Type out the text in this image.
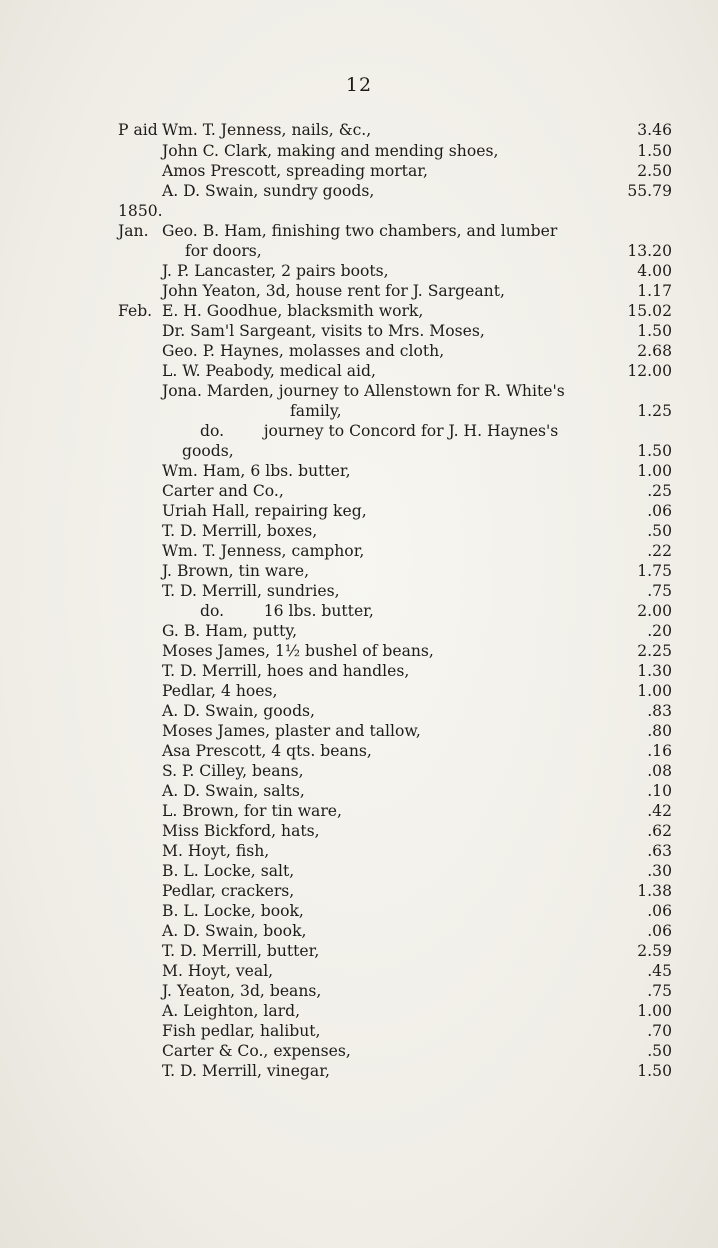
12
P aid Wm. T. Jenness, nails, &c.,	3.46
John C. Clark, making and mending shoes,	1.50
Amos Prescott, spreading mortar,	2.50
A. D. Swain, sundry goods,	55.79
1850.
Jan. Geo. B. Ham, finishing two chambers, and lumber
for doors,	13.20
J. P. Lancaster, 2 pairs boots,	4.00
John Yeaton, 3d, house rent for J. Sargeant,	1.17
Feb. E. H. Goodhue, blacksmith work,	15.02
Dr. Sam'l Sargeant, visits to Mrs. Moses,	1.50
Geo. P. Haynes, molasses and cloth,	2.68
L. W. Peabody, medical aid,	12.00
Jona. Marden, journey to Allenstown for R. White's
family,	1.25
do.        journey to Concord for J. H. Haynes's
goods,	1.50
Wm. Ham, 6 lbs. butter,	1.00
Carter and Co.,	.25
Uriah Hall, repairing keg,	.06
T. D. Merrill, boxes,	.50
Wm. T. Jenness, camphor,	.22
J. Brown, tin ware,	1.75
T. D. Merrill, sundries,	.75
do.        16 lbs. butter,	2.00
G. B. Ham, putty,	.20
Moses James, 1½ bushel of beans,	2.25
T. D. Merrill, hoes and handles,	1.30
Pedlar, 4 hoes,	1.00
A. D. Swain, goods,	.83
Moses James, plaster and tallow,	.80
Asa Prescott, 4 qts. beans,	.16
S. P. Cilley, beans,	.08
A. D. Swain, salts,	.10
L. Brown, for tin ware,	.42
Miss Bickford, hats,	.62
M. Hoyt, fish,	.63
B. L. Locke, salt,	.30
Pedlar, crackers,	1.38
B. L. Locke, book,	.06
A. D. Swain, book,	.06
T. D. Merrill, butter,	2.59
M. Hoyt, veal,	.45
J. Yeaton, 3d, beans,	.75
A. Leighton, lard,	1.00
Fish pedlar, halibut,	.70
Carter & Co., expenses,	.50
T. D. Merrill, vinegar,	1.50
